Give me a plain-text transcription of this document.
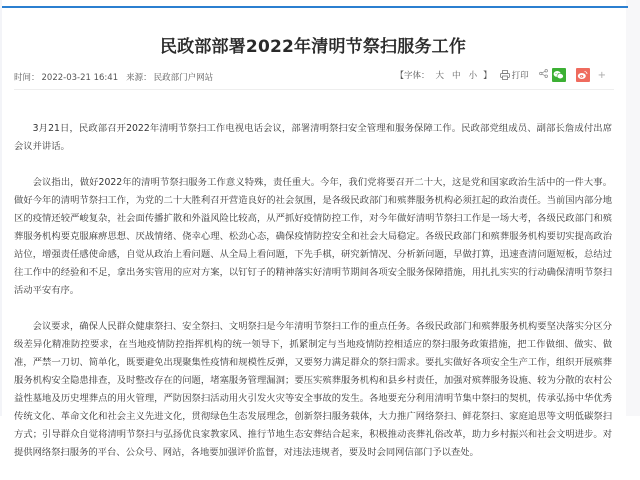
民政部部署2022年清明节祭扫服务工作
时间： 2022-03-21 16:41 来源： 民政部门户网站	【字体： 大 中 小 】 打印	+

3月21日，民政部召开2022年清明节祭扫工作电视电话会议，部署清明祭扫安全管理和服务保障工作。民政部党组成员、副部长詹成付出席会议并讲话。

会议指出，做好2022年的清明节祭扫服务工作意义特殊，责任重大。今年，我们党将要召开二十大，这是党和国家政治生活中的一件大事。做好今年的清明节祭扫工作，为党的二十大胜利召开营造良好的社会氛围，是各级民政部门和殡葬服务机构必须扛起的政治责任。当前国内部分地区的疫情还较严峻复杂，社会面传播扩散和外溢风险比较高，从严抓好疫情防控工作，对今年做好清明节祭扫工作是一场大考，各级民政部门和殡葬服务机构要克服麻痹思想、厌战情绪、侥幸心理、松劲心态，确保疫情防控安全和社会大局稳定。各级民政部门和殡葬服务机构要切实提高政治站位，增强责任感使命感，自觉从政治上看问题、从全局上看问题，下先手棋，研究新情况、分析新问题，早做打算，迅速查清问题短板，总结过往工作中的经验和不足，拿出务实管用的应对方案，以钉钉子的精神落实好清明节期间各项安全服务保障措施，用扎扎实实的行动确保清明节祭扫活动平安有序。

会议要求，确保人民群众健康祭扫、安全祭扫、文明祭扫是今年清明节祭扫工作的重点任务。各级民政部门和殡葬服务机构要坚决落实分区分级差异化精准防控要求，在当地疫情防控指挥机构的统一领导下，抓紧制定与当地疫情防控相适应的祭扫服务政策措施，把工作做细、做实、做准，严禁一刀切、简单化，既要避免出现聚集性疫情和规模性反弹，又要努力满足群众的祭扫需求。要扎实做好各项安全生产工作，组织开展殡葬服务机构安全隐患排查，及时整改存在的问题，堵塞服务管理漏洞；要压实殡葬服务机构和县乡村责任，加强对殡葬服务设施、较为分散的农村公益性墓地及历史埋葬点的用火管理，严防因祭扫活动用火引发火灾等安全事故的发生。各地要充分利用清明节集中祭扫的契机，传承弘扬中华优秀传统文化、革命文化和社会主义先进文化，贯彻绿色生态发展理念，创新祭扫服务载体，大力推广网络祭扫、鲜花祭扫、家庭追思等文明低碳祭扫方式；引导群众自觉将清明节祭扫与弘扬优良家教家风、推行节地生态安葬结合起来，积极推动丧葬礼俗改革，助力乡村振兴和社会文明进步。对提供网络祭扫服务的平台、公众号、网站，各地要加强评价监督，对违法违规者，要及时会同网信部门予以查处。
